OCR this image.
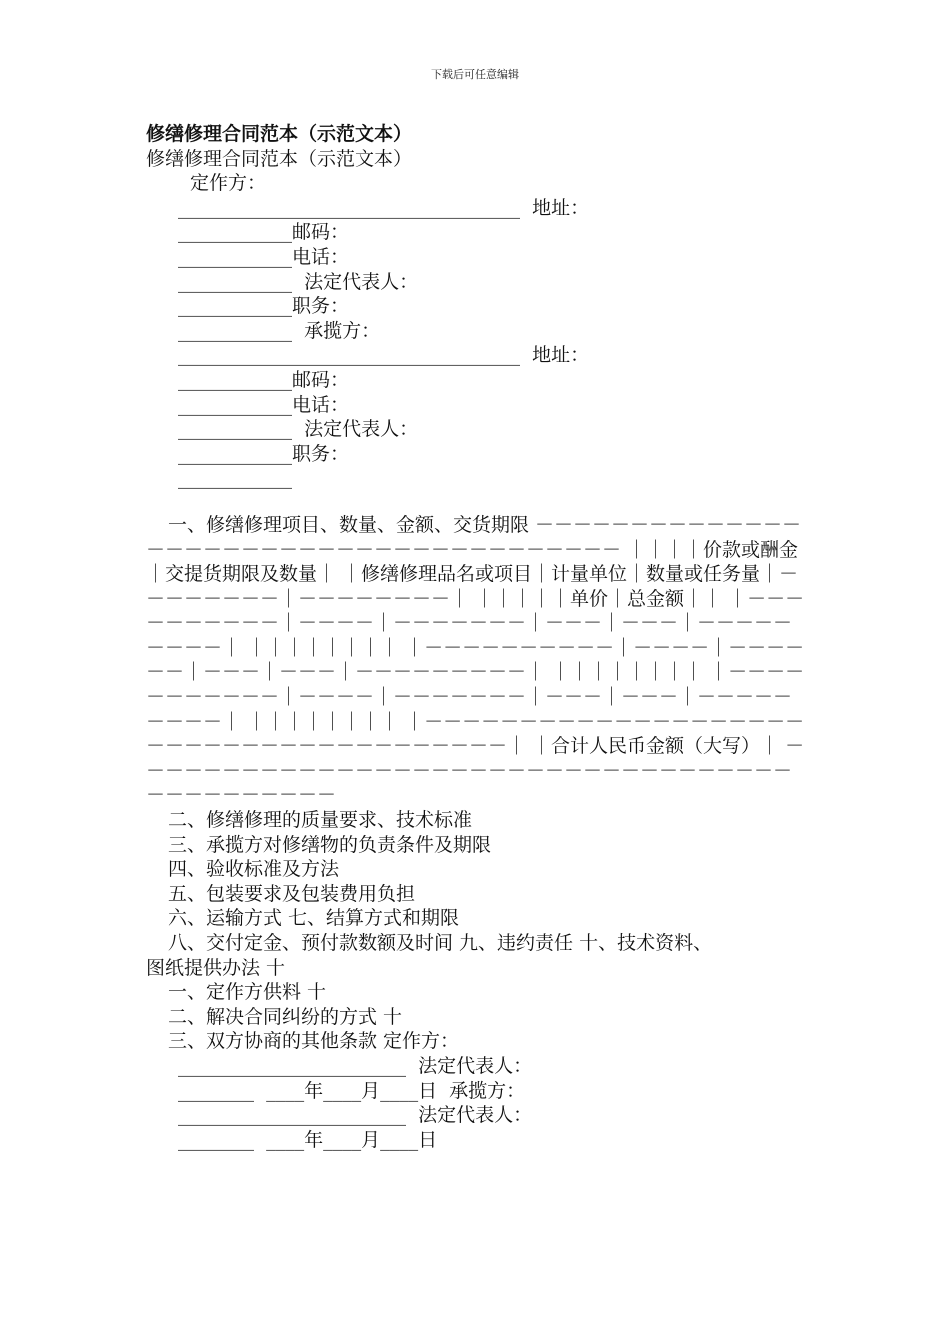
下载后可任意编辑
修缮修理合同范本（示范文本）
修缮修理合同范本（示范文本）
定作方：
____________________________________  地址：
____________邮码：
____________电话：
____________  法定代表人：
____________职务：
____________  承揽方：
____________________________________  地址：
____________邮码：
____________电话：
____________  法定代表人：
____________职务：
____________
一、修缮修理项目、数量、金额、交货期限 －－－－－－－－－－－－－－－－－－－－－－－－－－－－－－－－－－－－－－－ ｜｜｜｜价款或酬金｜交提货期限及数量｜ ｜修缮修理品名或项目｜计量单位｜数量或任务量｜－－－－－－－－｜－－－－－－－－｜ ｜｜｜｜｜单价｜总金额｜｜ ｜－－－－－－－－－－｜－－－－｜－－－－－－－｜－－－｜－－－｜－－－－－－－－－｜ ｜｜｜｜｜｜｜｜ ｜－－－－－－－－－－｜－－－－｜－－－－－－｜－－－｜－－－｜－－－－－－－－－｜ ｜｜｜｜｜｜｜｜ ｜－－－－－－－－－－－｜－－－－｜－－－－－－－｜－－－｜－－－｜－－－－－－－－－｜ ｜｜｜｜｜｜｜｜ ｜－－－－－－－－－－－－－－－－－－－－－－－－－－－－－－－－－－－－－－－｜ ｜合计人民币金额（大写）｜ －－－－－－－－－－－－－－－－－－－－－－－－－－－－－－－－－－－－－－－－－－－－－
二、修缮修理的质量要求、技术标准
三、承揽方对修缮物的负责条件及期限
四、验收标准及方法
五、包装要求及包装费用负担
六、运输方式 七、结算方式和期限
八、交付定金、预付款数额及时间 九、违约责任 十、技术资料、
图纸提供办法 十
一、定作方供料 十
二、解决合同纠纷的方式 十
三、双方协商的其他条款 定作方：
________________________  法定代表人：
________  ____年____月____日  承揽方：
________________________  法定代表人：
________  ____年____月____日
